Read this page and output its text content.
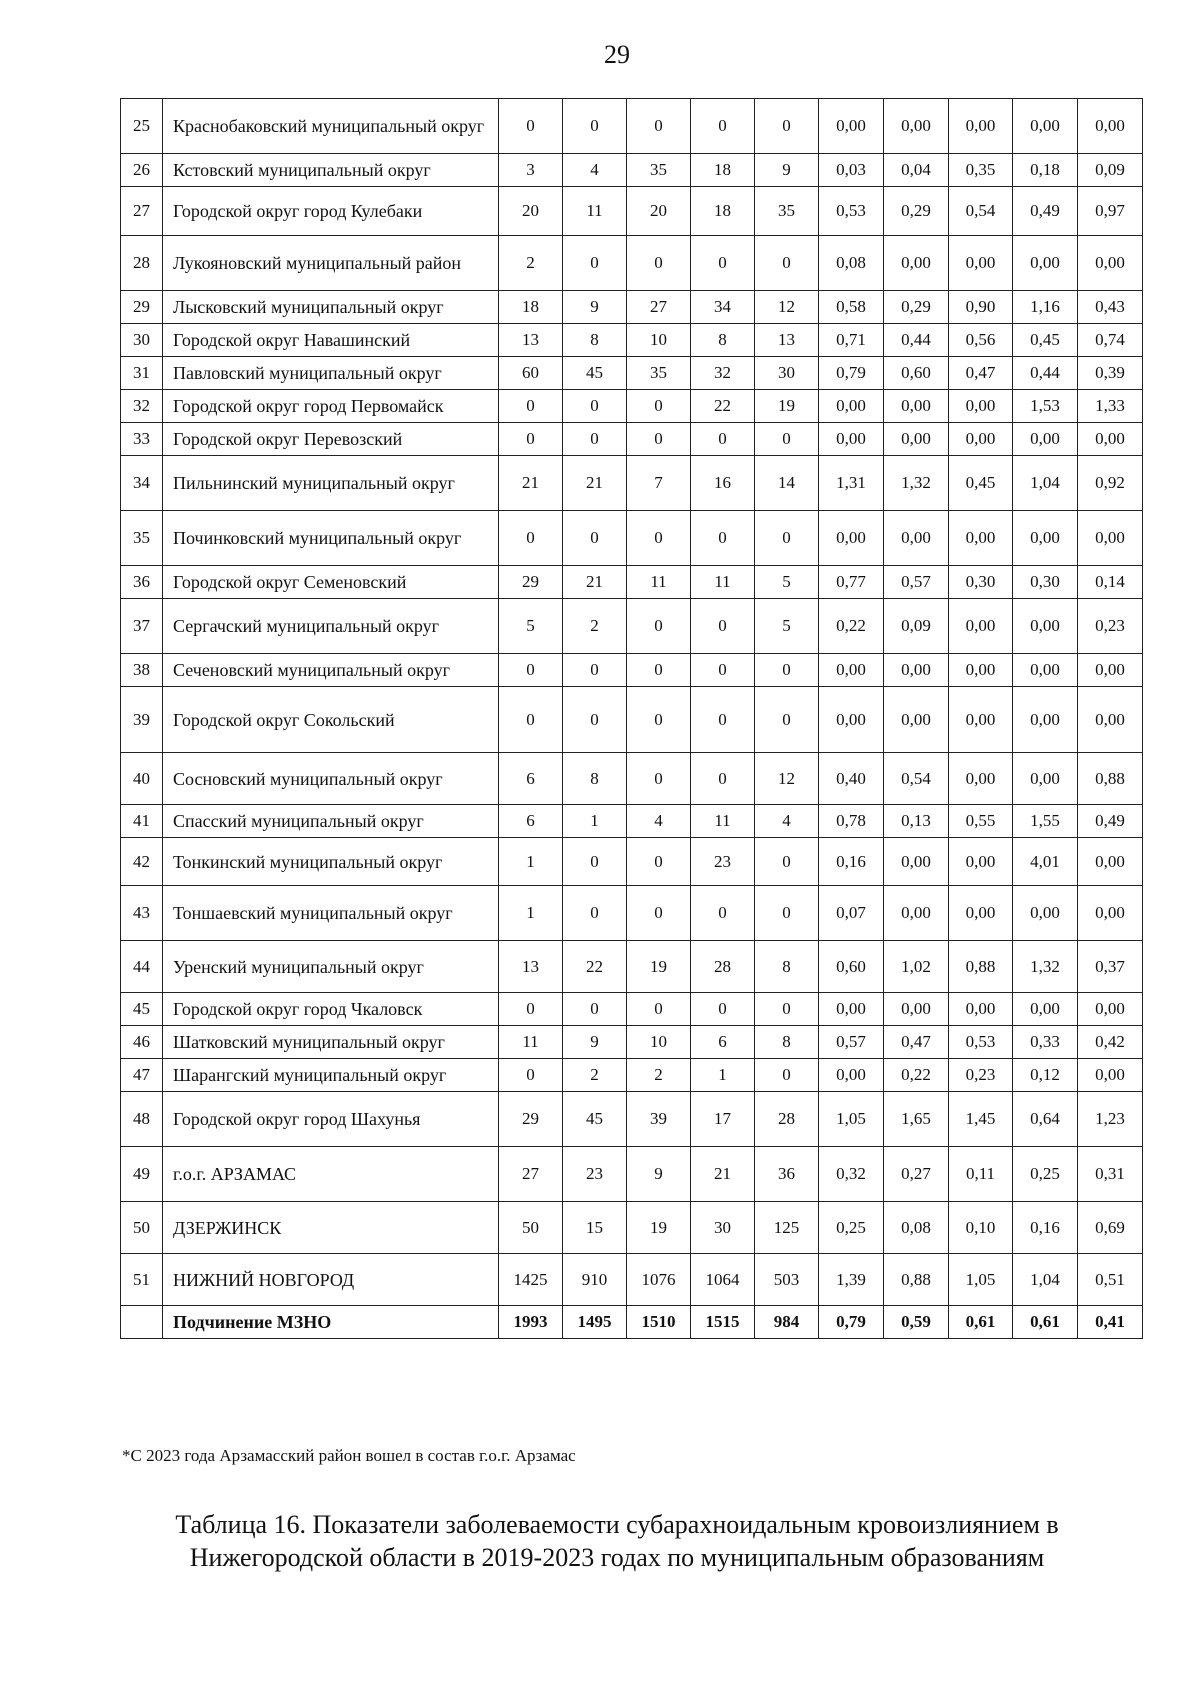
29
25	Краснобаковский муниципальный округ	0	0	0	0	0	0,00	0,00	0,00	0,00	0,00
26	Кстовский муниципальный округ	3	4	35	18	9	0,03	0,04	0,35	0,18	0,09
27	Городской округ город Кулебаки	20	11	20	18	35	0,53	0,29	0,54	0,49	0,97
28	Лукояновский муниципальный район	2	0	0	0	0	0,08	0,00	0,00	0,00	0,00
29	Лысковский муниципальный округ	18	9	27	34	12	0,58	0,29	0,90	1,16	0,43
30	Городской округ Навашинский	13	8	10	8	13	0,71	0,44	0,56	0,45	0,74
31	Павловский муниципальный округ	60	45	35	32	30	0,79	0,60	0,47	0,44	0,39
32	Городской округ город Первомайск	0	0	0	22	19	0,00	0,00	0,00	1,53	1,33
33	Городской округ Перевозский	0	0	0	0	0	0,00	0,00	0,00	0,00	0,00
34	Пильнинский муниципальный округ	21	21	7	16	14	1,31	1,32	0,45	1,04	0,92
35	Починковский муниципальный округ	0	0	0	0	0	0,00	0,00	0,00	0,00	0,00
36	Городской округ Семеновский	29	21	11	11	5	0,77	0,57	0,30	0,30	0,14
37	Сергачский муниципальный округ	5	2	0	0	5	0,22	0,09	0,00	0,00	0,23
38	Сеченовский муниципальный округ	0	0	0	0	0	0,00	0,00	0,00	0,00	0,00
39	Городской округ Сокольский	0	0	0	0	0	0,00	0,00	0,00	0,00	0,00
40	Сосновский муниципальный округ	6	8	0	0	12	0,40	0,54	0,00	0,00	0,88
41	Спасский муниципальный округ	6	1	4	11	4	0,78	0,13	0,55	1,55	0,49
42	Тонкинский муниципальный округ	1	0	0	23	0	0,16	0,00	0,00	4,01	0,00
43	Тоншаевский муниципальный округ	1	0	0	0	0	0,07	0,00	0,00	0,00	0,00
44	Уренский муниципальный округ	13	22	19	28	8	0,60	1,02	0,88	1,32	0,37
45	Городской округ город Чкаловск	0	0	0	0	0	0,00	0,00	0,00	0,00	0,00
46	Шатковский муниципальный округ	11	9	10	6	8	0,57	0,47	0,53	0,33	0,42
47	Шарангский муниципальный округ	0	2	2	1	0	0,00	0,22	0,23	0,12	0,00
48	Городской округ город Шахунья	29	45	39	17	28	1,05	1,65	1,45	0,64	1,23
49	г.о.г. АРЗАМАС	27	23	9	21	36	0,32	0,27	0,11	0,25	0,31
50	ДЗЕРЖИНСК	50	15	19	30	125	0,25	0,08	0,10	0,16	0,69
51	НИЖНИЙ НОВГОРОД	1425	910	1076	1064	503	1,39	0,88	1,05	1,04	0,51
	Подчинение МЗНО	1993	1495	1510	1515	984	0,79	0,59	0,61	0,61	0,41
*С 2023 года Арзамасский район вошел в состав г.о.г. Арзамас
Таблица 16. Показатели заболеваемости субарахноидальным кровоизлиянием в
Нижегородской области в 2019-2023 годах по муниципальным образованиям
